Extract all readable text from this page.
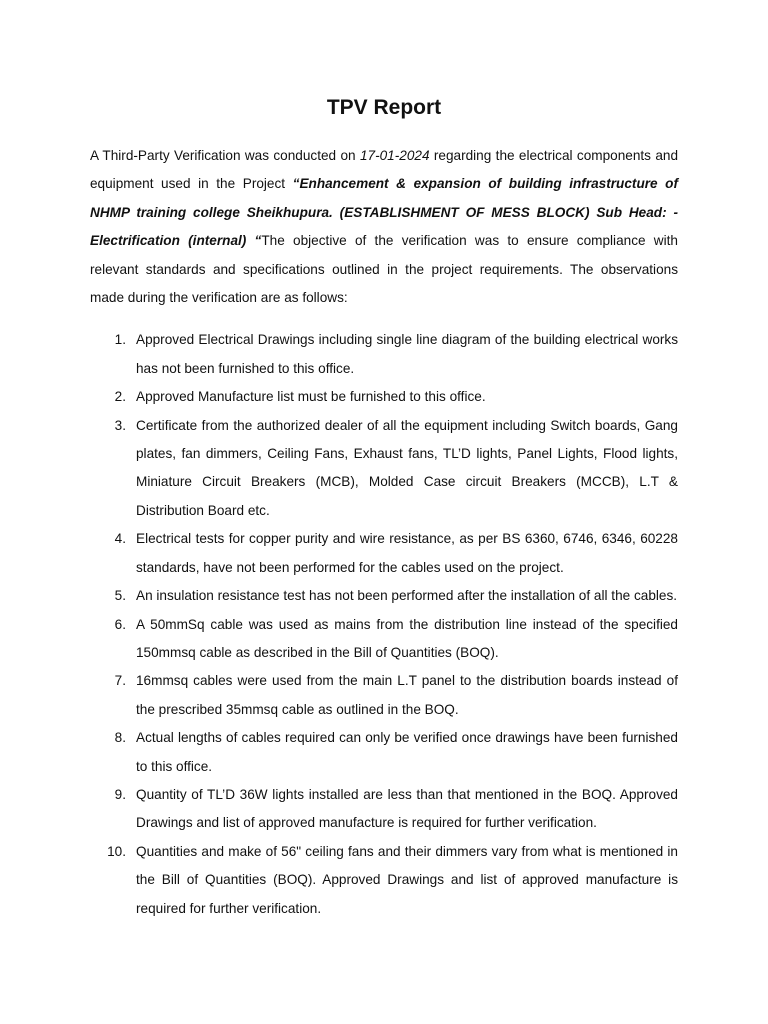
TPV Report

A Third-Party Verification was conducted on 17-01-2024 regarding the electrical components and equipment used in the Project “Enhancement & expansion of building infrastructure of NHMP training college Sheikhupura. (ESTABLISHMENT OF MESS BLOCK) Sub Head: - Electrification (internal) “The objective of the verification was to ensure compliance with relevant standards and specifications outlined in the project requirements. The observations made during the verification are as follows:

1. Approved Electrical Drawings including single line diagram of the building electrical works has not been furnished to this office.
2. Approved Manufacture list must be furnished to this office.
3. Certificate from the authorized dealer of all the equipment including Switch boards, Gang plates, fan dimmers, Ceiling Fans, Exhaust fans, TL’D lights, Panel Lights, Flood lights, Miniature Circuit Breakers (MCB), Molded Case circuit Breakers (MCCB), L.T & Distribution Board etc.
4. Electrical tests for copper purity and wire resistance, as per BS 6360, 6746, 6346, 60228 standards, have not been performed for the cables used on the project.
5. An insulation resistance test has not been performed after the installation of all the cables.
6. A 50mmSq cable was used as mains from the distribution line instead of the specified 150mmsq cable as described in the Bill of Quantities (BOQ).
7. 16mmsq cables were used from the main L.T panel to the distribution boards instead of the prescribed 35mmsq cable as outlined in the BOQ.
8. Actual lengths of cables required can only be verified once drawings have been furnished to this office.
9. Quantity of TL’D 36W lights installed are less than that mentioned in the BOQ. Approved Drawings and list of approved manufacture is required for further verification.
10. Quantities and make of 56" ceiling fans and their dimmers vary from what is mentioned in the Bill of Quantities (BOQ). Approved Drawings and list of approved manufacture is required for further verification.
